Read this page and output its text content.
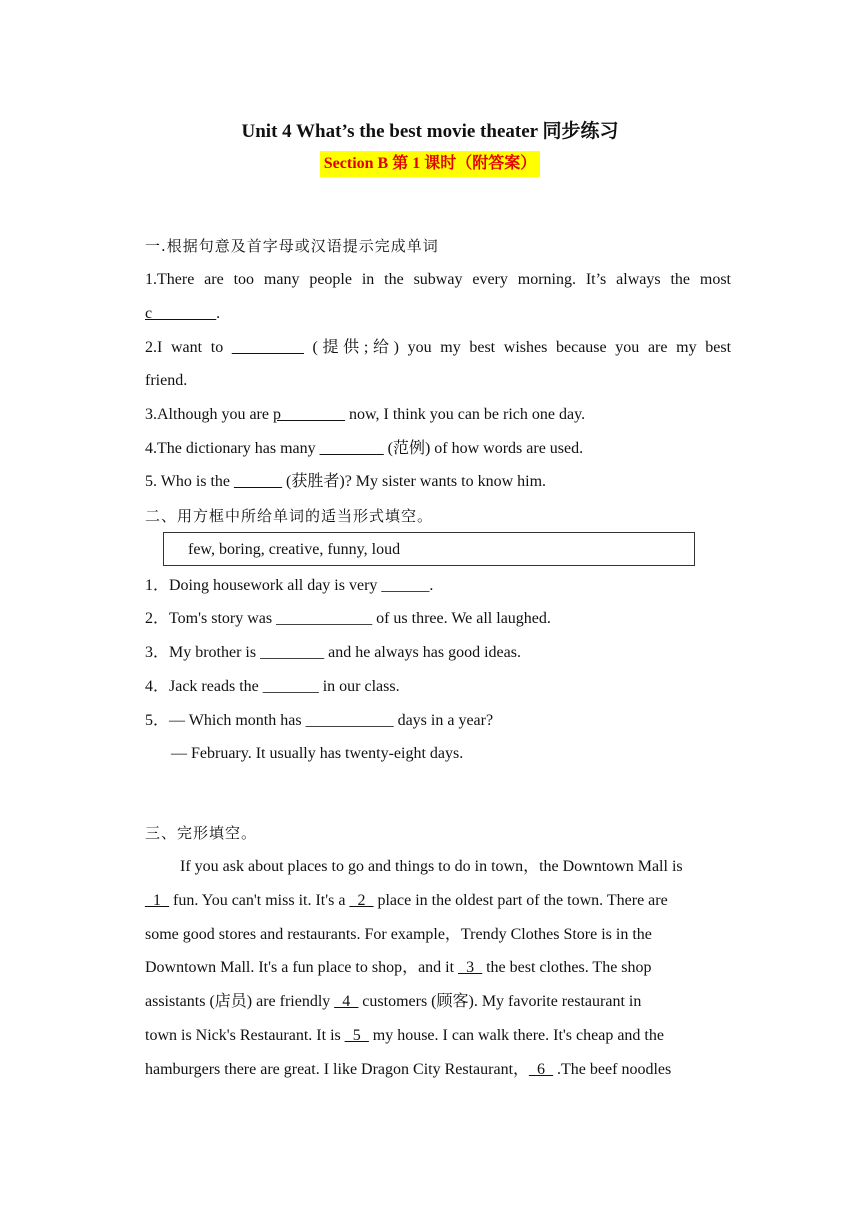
Unit 4 What’s the best movie theater 同步练习
Section B 第 1 课时（附答案）
一.根据句意及首字母或汉语提示完成单词
1.There are too many people in the subway every morning. It’s always the most
c________.
2.I want to _________ (提供;给) you my best wishes because you are my best
friend.
3.Although you are p________ now, I think you can be rich one day.
4.The dictionary has many ________ (范例) of how words are used.
5. Who is the ______ (获胜者)? My sister wants to know him.
二、用方框中所给单词的适当形式填空。
few, boring, creative, funny, loud
1．Doing housework all day is very ______.
2．Tom's story was ____________ of us three. We all laughed.
3．My brother is ________ and he always has good ideas.
4．Jack reads the _______ in our class.
5．— Which month has ___________ days in a year?
— February. It usually has twenty-eight days.
三、完形填空。
If you ask about places to go and things to do in town，the Downtown Mall is
_1_ fun. You can't miss it. It's a _2_ place in the oldest part of the town. There are
some good stores and restaurants. For example，Trendy Clothes Store is in the
Downtown Mall. It's a fun place to shop，and it _3_ the best clothes. The shop
assistants (店员) are friendly _4_ customers (顾客). My favorite restaurant in
town is Nick's Restaurant. It is _5_ my house. I can walk there. It's cheap and the
hamburgers there are great. I like Dragon City Restaurant，_6_ .The beef noodles
